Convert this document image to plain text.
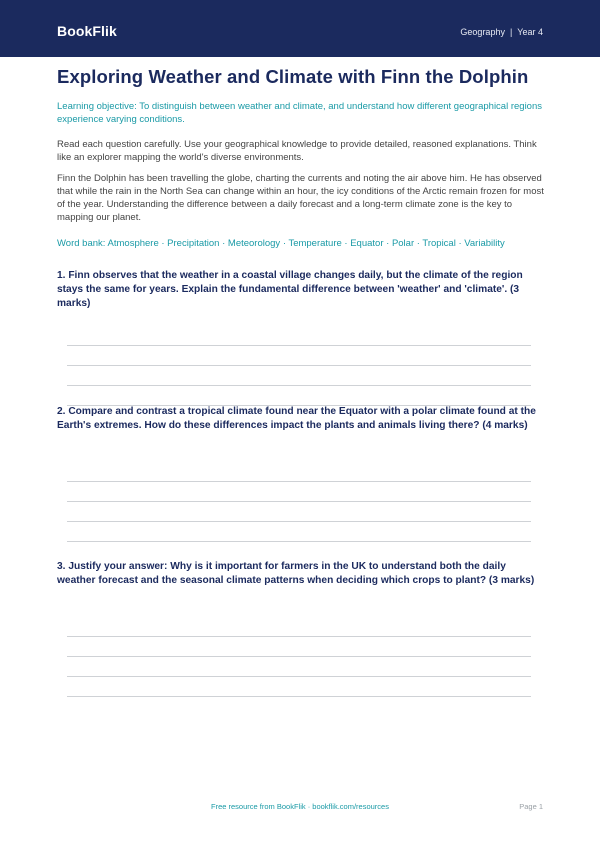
BookFlik	Geography | Year 4
Exploring Weather and Climate with Finn the Dolphin
Learning objective: To distinguish between weather and climate, and understand how different geographical regions experience varying conditions.
Read each question carefully. Use your geographical knowledge to provide detailed, reasoned explanations. Think like an explorer mapping the world's diverse environments.
Finn the Dolphin has been travelling the globe, charting the currents and noting the air above him. He has observed that while the rain in the North Sea can change within an hour, the icy conditions of the Arctic remain frozen for most of the year. Understanding the difference between a daily forecast and a long-term climate zone is the key to mapping our planet.
Word bank: Atmosphere · Precipitation · Meteorology · Temperature · Equator · Polar · Tropical · Variability
1. Finn observes that the weather in a coastal village changes daily, but the climate of the region stays the same for years. Explain the fundamental difference between 'weather' and 'climate'. (3 marks)
2. Compare and contrast a tropical climate found near the Equator with a polar climate found at the Earth's extremes. How do these differences impact the plants and animals living there? (4 marks)
3. Justify your answer: Why is it important for farmers in the UK to understand both the daily weather forecast and the seasonal climate patterns when deciding which crops to plant? (3 marks)
Free resource from BookFlik · bookflik.com/resources	Page 1
